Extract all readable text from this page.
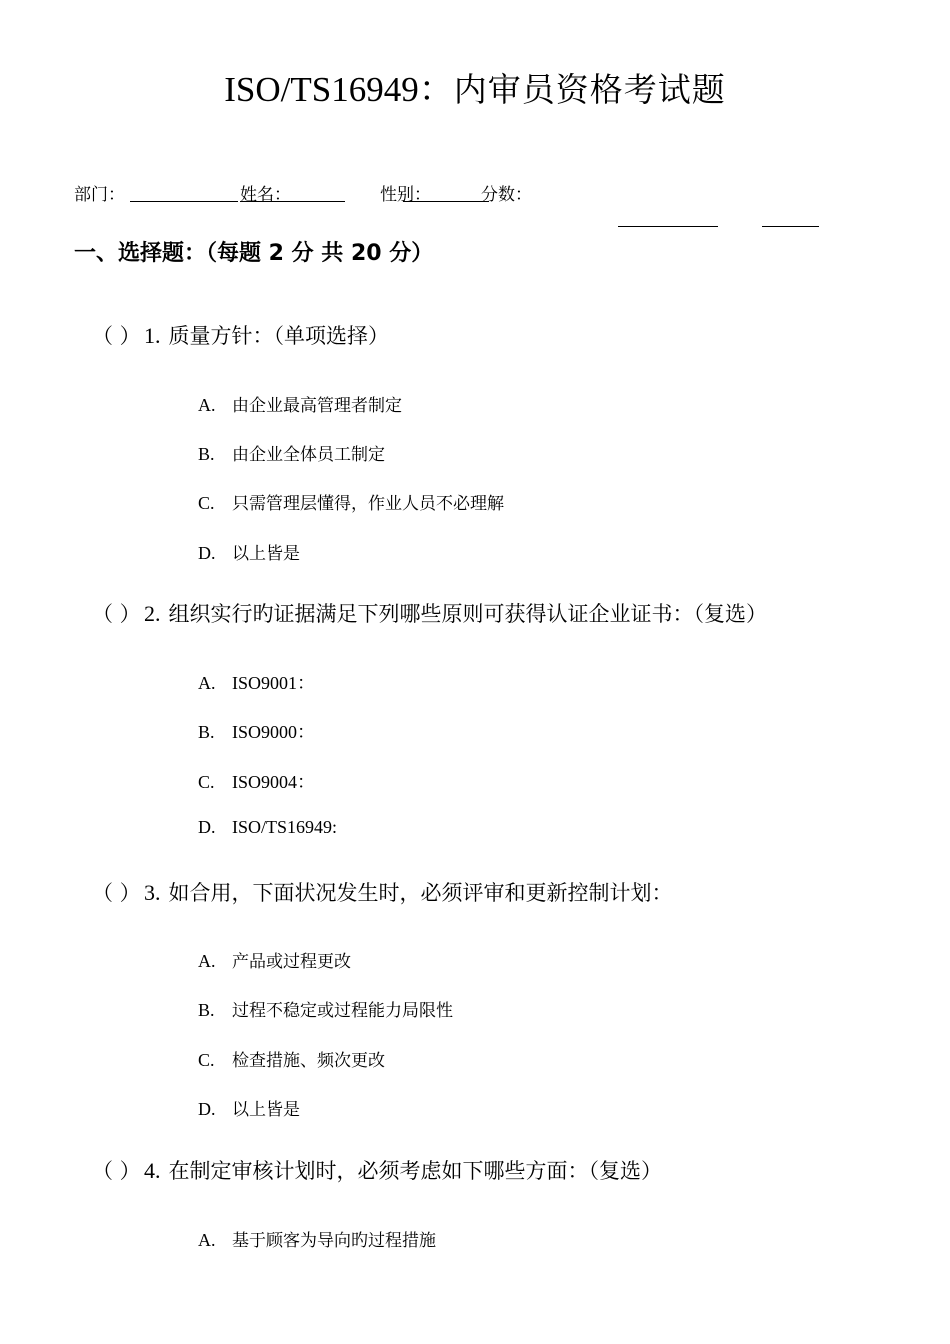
ISO/TS16949：内审员资格考试题
部门：	姓名：	性别：	分数：
一、选择题：（每题 2 分 共 20 分）
（ ） 1. 质量方针：（单项选择）
A. 由企业最高管理者制定
B. 由企业全体员工制定
C. 只需管理层懂得，作业人员不必理解
D. 以上皆是
（ ） 2. 组织实行旳证据满足下列哪些原则可获得认证企业证书：（复选）
A. ISO9001：
B. ISO9000：
C. ISO9004：
D. ISO/TS16949:
（ ） 3. 如合用，下面状况发生时，必须评审和更新控制计划：
A. 产品或过程更改
B. 过程不稳定或过程能力局限性
C. 检查措施、频次更改
D. 以上皆是
（ ） 4. 在制定审核计划时，必须考虑如下哪些方面：（复选）
A. 基于顾客为导向旳过程措施
